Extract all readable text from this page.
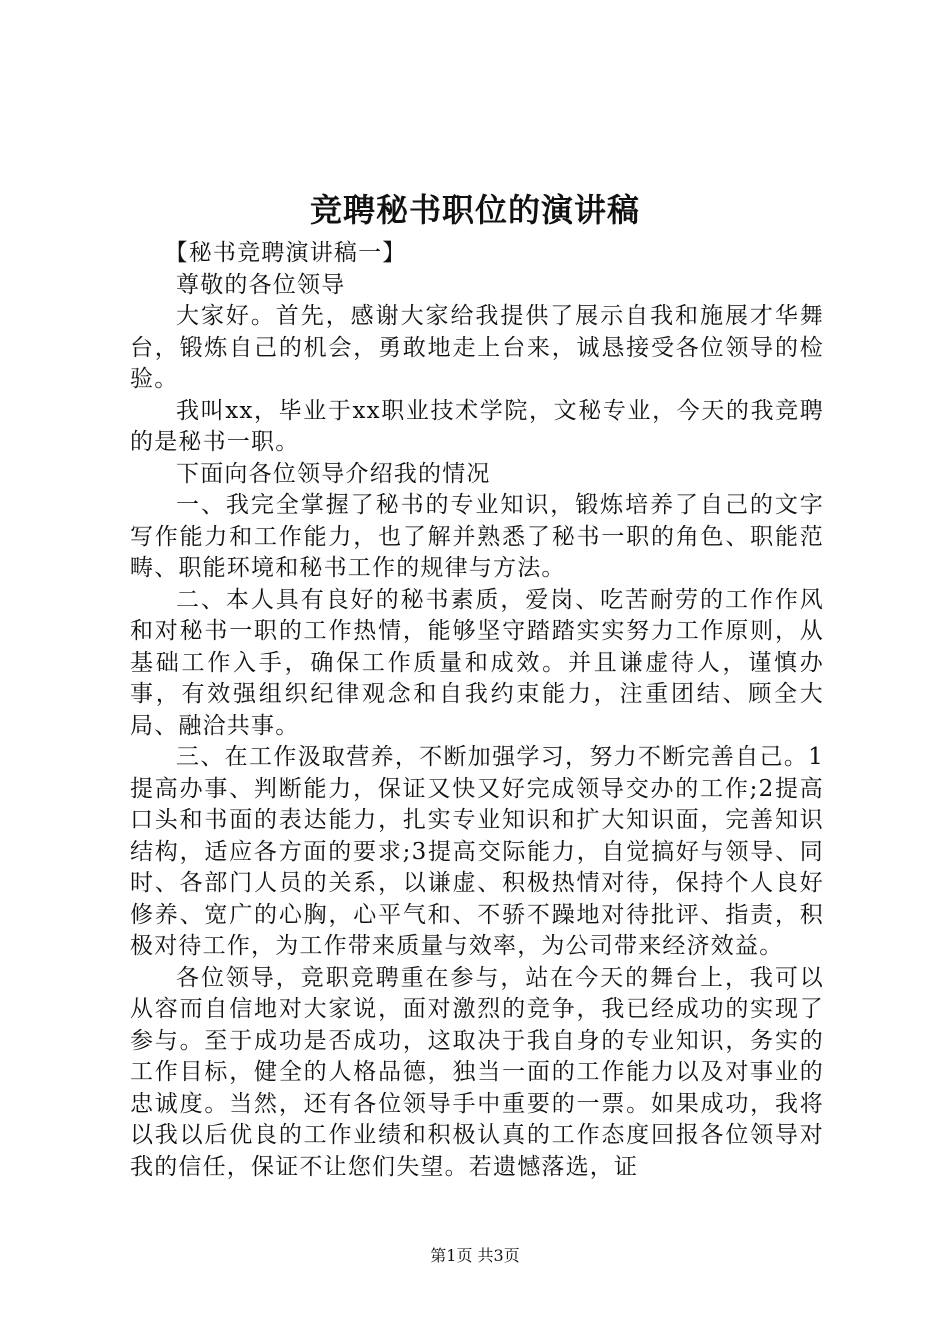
竞聘秘书职位的演讲稿

【秘书竞聘演讲稿一】

尊敬的各位领导

大家好。首先，感谢大家给我提供了展示自我和施展才华舞台，锻炼自己的机会，勇敢地走上台来，诚恳接受各位领导的检验。

我叫xx，毕业于xx职业技术学院，文秘专业，今天的我竞聘的是秘书一职。

下面向各位领导介绍我的情况

一、我完全掌握了秘书的专业知识，锻炼培养了自己的文字写作能力和工作能力，也了解并熟悉了秘书一职的角色、职能范畴、职能环境和秘书工作的规律与方法。

二、本人具有良好的秘书素质，爱岗、吃苦耐劳的工作作风和对秘书一职的工作热情，能够坚守踏踏实实努力工作原则，从基础工作入手，确保工作质量和成效。并且谦虚待人，谨慎办事，有效强组织纪律观念和自我约束能力，注重团结、顾全大局、融洽共事。

三、在工作汲取营养，不断加强学习，努力不断完善自己。1提高办事、判断能力，保证又快又好完成领导交办的工作;2提高口头和书面的表达能力，扎实专业知识和扩大知识面，完善知识结构，适应各方面的要求;3提高交际能力，自觉搞好与领导、同时、各部门人员的关系，以谦虚、积极热情对待，保持个人良好修养、宽广的心胸，心平气和、不骄不躁地对待批评、指责，积极对待工作，为工作带来质量与效率，为公司带来经济效益。

各位领导，竞职竞聘重在参与，站在今天的舞台上，我可以从容而自信地对大家说，面对激烈的竞争，我已经成功的实现了参与。至于成功是否成功，这取决于我自身的专业知识，务实的工作目标，健全的人格品德，独当一面的工作能力以及对事业的忠诚度。当然，还有各位领导手中重要的一票。如果成功，我将以我以后优良的工作业绩和积极认真的工作态度回报各位领导对我的信任，保证不让您们失望。若遗憾落选，证

第1页 共3页
